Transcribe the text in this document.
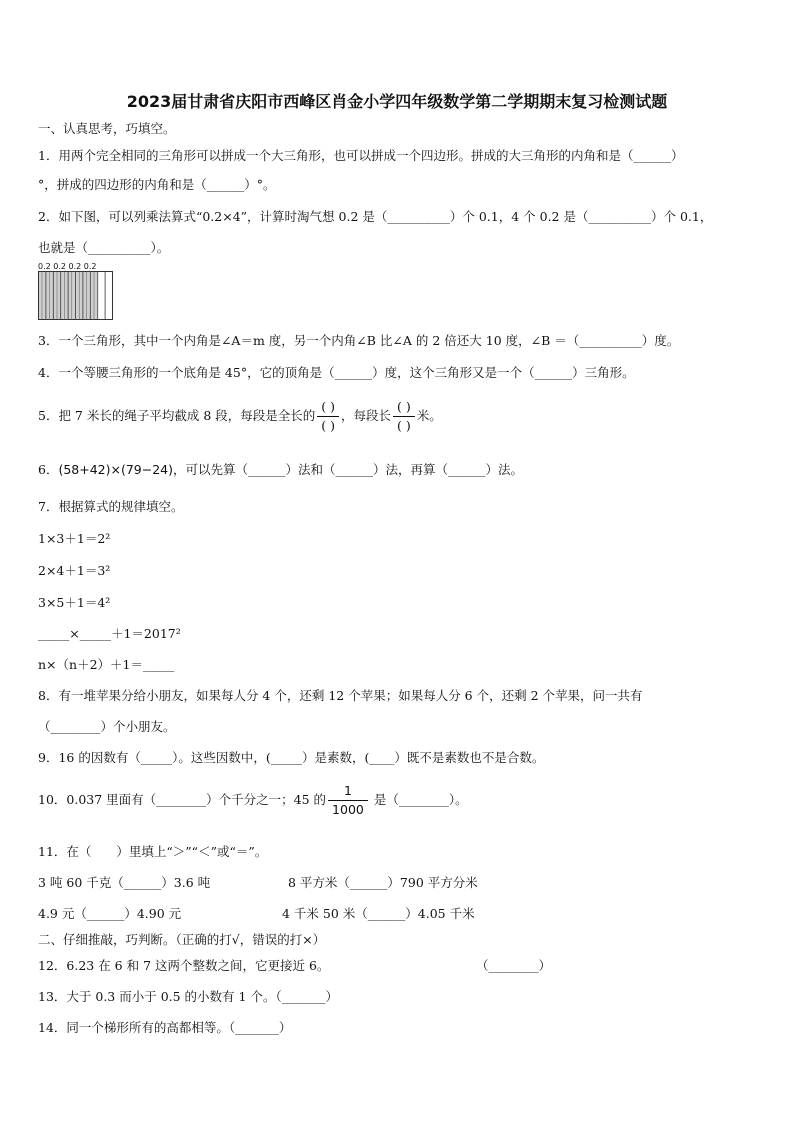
2023届甘肃省庆阳市西峰区肖金小学四年级数学第二学期期末复习检测试题
一、认真思考，巧填空。
1．用两个完全相同的三角形可以拼成一个大三角形，也可以拼成一个四边形。拼成的大三角形的内角和是（______）
°，拼成的四边形的内角和是（______）°。
2．如下图，可以列乘法算式“0.2×4”，计算时淘气想 0.2 是（__________）个 0.1，4 个 0.2 是（__________）个 0.1，
也就是（__________）。
0.2 0.2 0.2 0.2
3．一个三角形，其中一个内角是∠A＝m 度，另一个内角∠B 比∠A 的 2 倍还大 10 度，∠B ＝（__________）度。
4．一个等腰三角形的一个底角是 45°，它的顶角是（______）度，这个三角形又是一个（______）三角形。
5．把 7 米长的绳子平均截成 8 段，每段是全长的 $\frac{( )}{( )}$ ，每段长 $\frac{( )}{( )}$ 米。
6．(58+42)×(79−24)，可以先算（______）法和（______）法，再算（______）法。
7．根据算式的规律填空。
1×3＋1＝2²
2×4＋1＝3²
3×5＋1＝4²
_____×_____＋1＝2017²
n×（n＋2）＋1＝_____
8．有一堆苹果分给小朋友，如果每人分 4 个，还剩 12 个苹果；如果每人分 6 个，还剩 2 个苹果，问一共有
（________）个小朋友。
9．16 的因数有（_____）。这些因数中，(_____）是素数，(____）既不是素数也不是合数。
10．0.037 里面有（________）个千分之一；45 的 $\frac{1}{1000}$ 是（________）。
11．在（　　）里填上“＞”“＜”或“＝”。
3 吨 60 千克（______）3.6 吨	8 平方米（______）790 平方分米
4.9 元（______）4.90 元	4 千米 50 米（______）4.05 千米
二、仔细推敲，巧判断。（正确的打√，错误的打×）
12．6.23 在 6 和 7 这两个整数之间，它更接近 6。	（________）
13．大于 0.3 而小于 0.5 的小数有 1 个。（_______）
14．同一个梯形所有的高都相等。（_______）
